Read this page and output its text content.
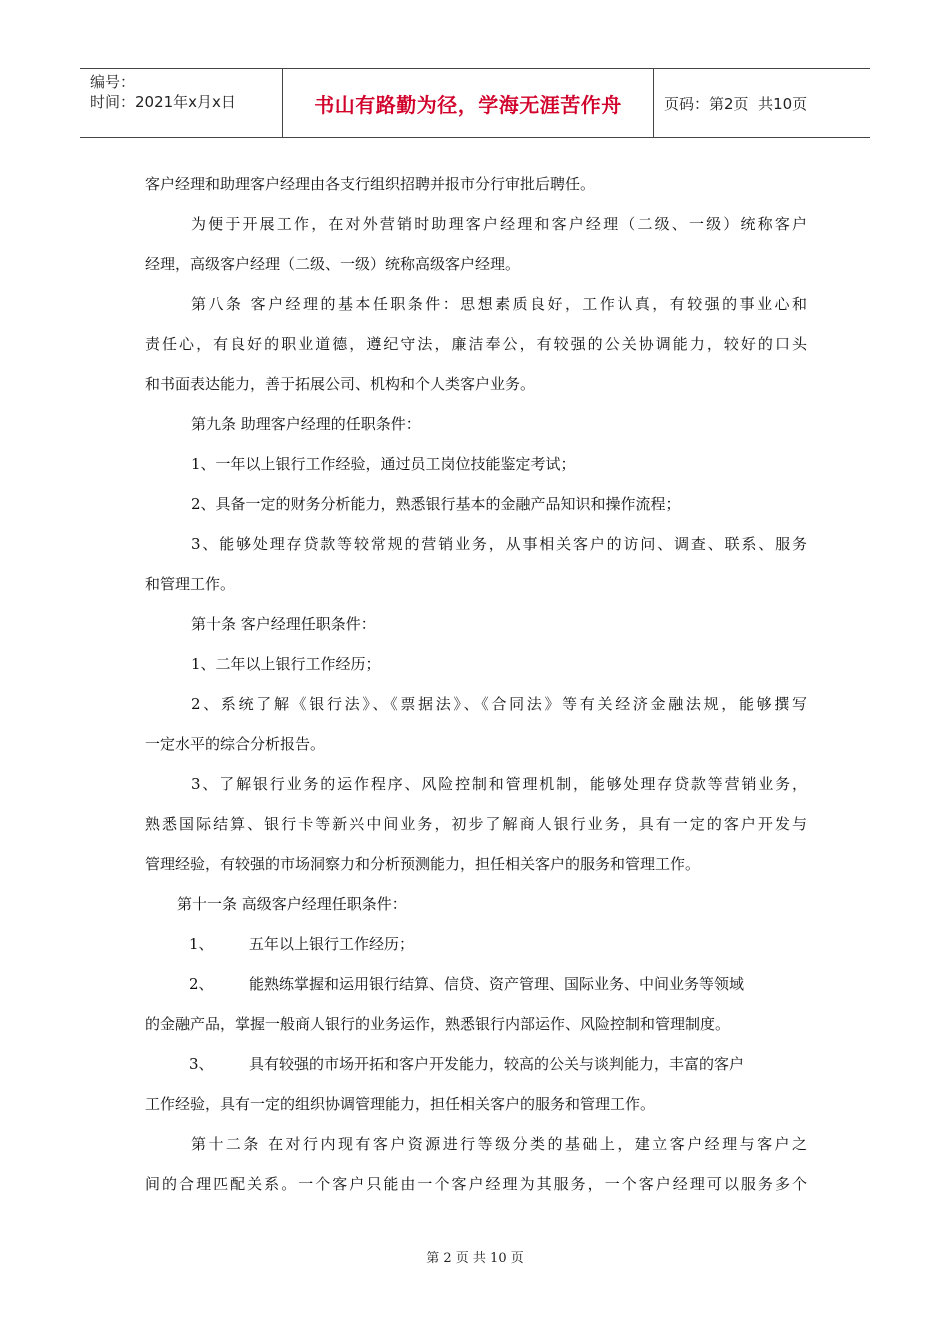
编号：
时间：2021年x月x日	书山有路勤为径，学海无涯苦作舟	页码：第2页  共10页
客户经理和助理客户经理由各支行组织招聘并报市分行审批后聘任。
为便于开展工作，在对外营销时助理客户经理和客户经理（二级、一级）统称客户
经理，高级客户经理（二级、一级）统称高级客户经理。
第八条 客户经理的基本任职条件：思想素质良好，工作认真，有较强的事业心和
责任心，有良好的职业道德，遵纪守法，廉洁奉公，有较强的公关协调能力，较好的口头
和书面表达能力，善于拓展公司、机构和个人类客户业务。
第九条 助理客户经理的任职条件：
1、一年以上银行工作经验，通过员工岗位技能鉴定考试；
2、具备一定的财务分析能力，熟悉银行基本的金融产品知识和操作流程；
3、能够处理存贷款等较常规的营销业务，从事相关客户的访问、调查、联系、服务
和管理工作。
第十条 客户经理任职条件：
1、二年以上银行工作经历；
2、系统了解《银行法》、《票据法》、《合同法》等有关经济金融法规，能够撰写
一定水平的综合分析报告。
3、了解银行业务的运作程序、风险控制和管理机制，能够处理存贷款等营销业务，
熟悉国际结算、银行卡等新兴中间业务，初步了解商人银行业务，具有一定的客户开发与
管理经验，有较强的市场洞察力和分析预测能力，担任相关客户的服务和管理工作。
第十一条 高级客户经理任职条件：
1、 五年以上银行工作经历；
2、 能熟练掌握和运用银行结算、信贷、资产管理、国际业务、中间业务等领域
的金融产品，掌握一般商人银行的业务运作，熟悉银行内部运作、风险控制和管理制度。
3、 具有较强的市场开拓和客户开发能力，较高的公关与谈判能力，丰富的客户
工作经验，具有一定的组织协调管理能力，担任相关客户的服务和管理工作。
第十二条 在对行内现有客户资源进行等级分类的基础上，建立客户经理与客户之
间的合理匹配关系。一个客户只能由一个客户经理为其服务，一个客户经理可以服务多个
第 2 页 共 10 页
